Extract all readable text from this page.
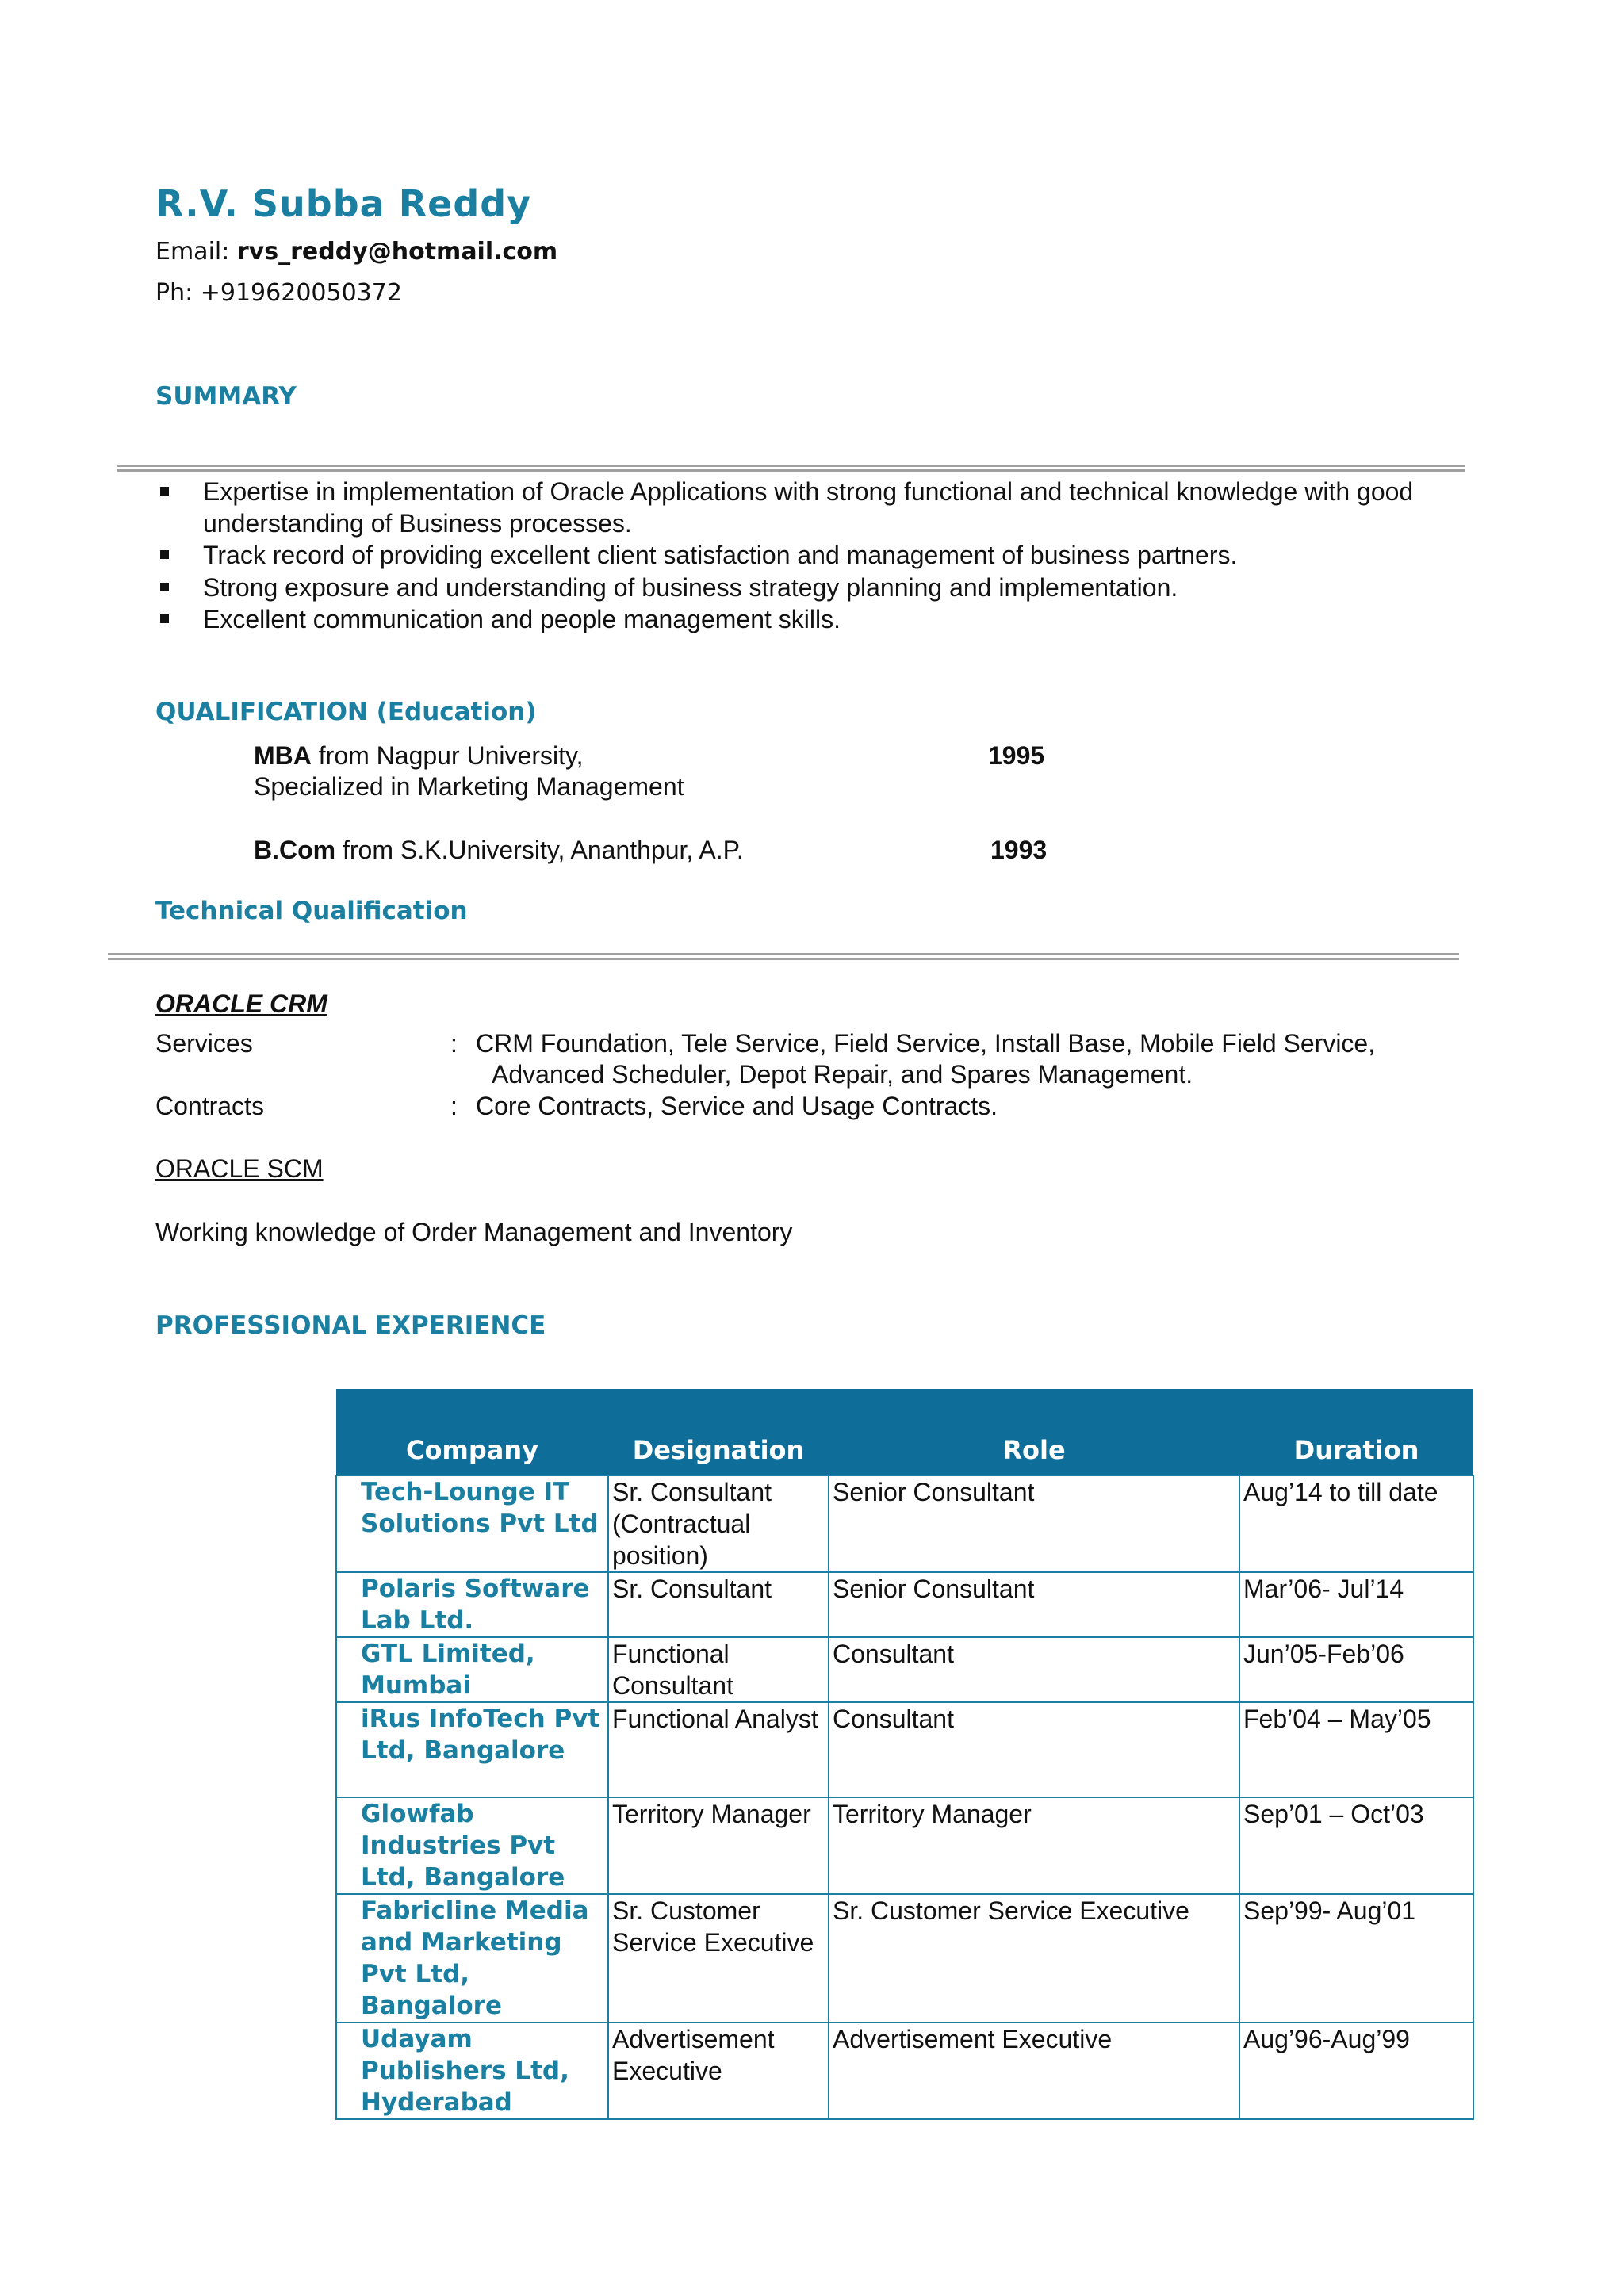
R.V. Subba Reddy
Email: rvs_reddy@hotmail.com
Ph: +919620050372
SUMMARY
Expertise in implementation of Oracle Applications with strong functional and technical knowledge with good understanding of Business processes.
Track record of providing excellent client satisfaction and management of business partners.
Strong exposure and understanding of business strategy planning and implementation.
Excellent communication and people management skills.
QUALIFICATION (Education)
MBA from Nagpur University,	1995
Specialized in Marketing Management
B.Com from S.K.University, Ananthpur, A.P.	1993
Technical Qualification
ORACLE CRM
Services	: CRM Foundation, Tele Service, Field Service, Install Base, Mobile Field Service,
Advanced Scheduler, Depot Repair, and Spares Management.
Contracts	: Core Contracts, Service and Usage Contracts.
ORACLE SCM
Working knowledge of Order Management and Inventory
PROFESSIONAL EXPERIENCE
Company	Designation	Role	Duration
Tech-Lounge IT Solutions Pvt Ltd	Sr. Consultant (Contractual position)	Senior Consultant	Aug’14 to till date
Polaris Software Lab Ltd.	Sr. Consultant	Senior Consultant	Mar’06- Jul’14
GTL Limited, Mumbai	Functional Consultant	Consultant	Jun’05-Feb’06
iRus InfoTech Pvt Ltd, Bangalore	Functional Analyst	Consultant	Feb’04 – May’05
Glowfab Industries Pvt Ltd, Bangalore	Territory Manager	Territory Manager	Sep’01 – Oct’03
Fabricline Media and Marketing Pvt Ltd, Bangalore	Sr. Customer Service Executive	Sr. Customer Service Executive	Sep’99- Aug’01
Udayam Publishers Ltd, Hyderabad	Advertisement Executive	Advertisement Executive	Aug’96-Aug’99
